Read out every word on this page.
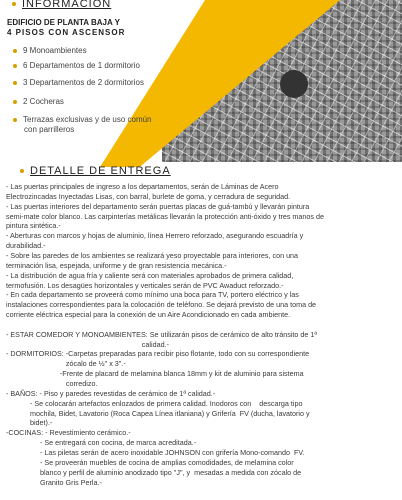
INFORMACION
EDIFICIO DE PLANTA BAJA Y
4 PISOS CON ASCENSOR
9 Monoambientes
6 Departamentos de 1 dormitorio
3 Departamentos de 2 dormitorios
2 Cocheras
Terrazas exclusivas y de uso común
con parrilleros
DETALLE DE ENTREGA
- Las puertas principales de ingreso a los departamentos, serán de Láminas de Acero
Electrozincadas Inyectadas Lisas, con barral, burlete de goma, y cerradura de seguridad.
- Las puertas interiores del departamento serán puertas placas de guá-tambú y llevarán pintura
semi-mate color blanco. Las carpinterías metálicas llevarán la protección anti-óxido y tres manos de
pintura sintética.-
- Aberturas con marcos y hojas de aluminio, línea Herrero reforzado, asegurando escuadría y
durabilidad.-
- Sobre las paredes de los ambientes se realizará yeso proyectable para interiores, con una
terminación lisa, espejada, uniforme y de gran resistencia mecánica.-
- La distribución de agua fría y caliente será con materiales aprobados de primera calidad,
termofusión. Los desagües horizontales y verticales serán de PVC Awaduct reforzado.-
- En cada departamento se proveerá como mínimo una boca para TV, portero eléctrico y las
instalaciones correspondientes para la colocación de teléfono. Se dejará previsto de una toma de
corriente eléctrica especial para la conexión de un Aire Acondicionado en cada ambiente.
- ESTAR COMEDOR Y MONOAMBIENTES: Se utilizarán pisos de cerámico de alto tránsito de 1ª
calidad.-
- DORMITORIOS: -Carpetas preparadas para recibir piso flotante, todo con su correspondiente
zócalo de ½" x 3".-
-Frente de placard de melamina blanca 18mm y kit de aluminio para sistema
corredizo.
- BAÑOS: - Piso y paredes revestidas de cerámico de 1ª calidad.-
- Se colocarán artefactos enlozados de primera calidad. Inodoros con    descarga tipo
mochila, Bidet, Lavatorio (Roca Capea Línea itlaniana) y Grifería  FV (ducha, lavatorio y
bidet).-
-COCINAS: - Revestimiento cerámico.-
- Se entregará con cocina, de marca acreditada.-
- Las piletas serán de acero inoxidable JOHNSON con grifería Mono-comando  FV.
- Se proveerán muebles de cocina de amplias comodidades, de melamina color
blanco y perfil de aluminio anodizado tipo "J", y  mesadas a medida con zócalo de
Granito Gris Perla.-
